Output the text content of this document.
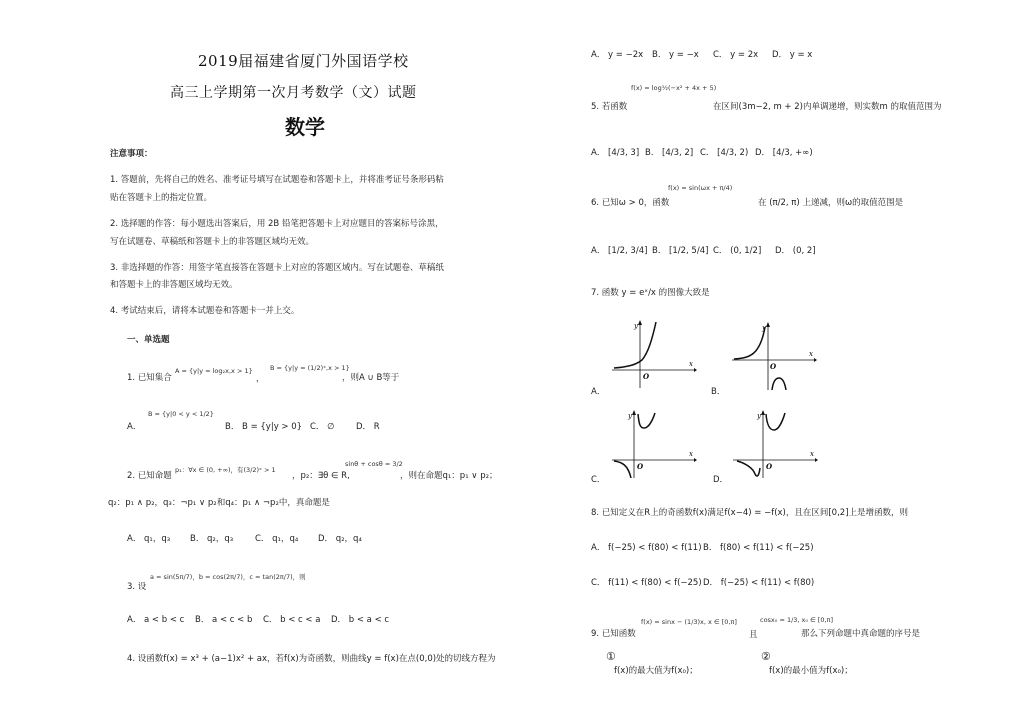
2019届福建省厦门外国语学校
高三上学期第一次月考数学（文）试题
数学
注意事项：
1. 答题前，先将自己的姓名、准考证号填写在试题卷和答题卡上，并将准考证号条形码粘
贴在答题卡上的指定位置。
2. 选择题的作答：每小题选出答案后，用 2B 铅笔把答题卡上对应题目的答案标号涂黑，
写在试题卷、草稿纸和答题卡上的非答题区域均无效。
3. 非选择题的作答：用签字笔直接答在答题卡上对应的答题区域内。写在试题卷、草稿纸
和答题卡上的非答题区域均无效。
4. 考试结束后，请将本试题卷和答题卡一并上交。
一、单选题
1. 已知集合
A = {y|y = log₂x,x > 1}
，
B = {y|y = (1/2)ˣ,x > 1}
，则A ∪ B等于
A．
B = {y|0 < y < 1/2}
B． B = {y|y > 0} C． ∅	D． R
2. 已知命题
p₁：∀x ∈ (0, +∞)，有(3/2)ˣ > 1
，p₂：∃θ ∈ R,
sinθ + cosθ = 3/2
，则在命题q₁：p₁ ∨ p₂；
q₂：p₁ ∧ p₂，q₃：¬p₁ ∨ p₂和q₄：p₁ ∧ ¬p₂中，真命题是
A． q₁，q₃ B． q₂，q₃	C． q₁，q₄ D． q₂，q₄
3. 设
a = sin(5π/7)，b = cos(2π/7)，c = tan(2π/7)，则
A． a < b < c B． a < c < b C． b < c < a D． b < a < c
4. 设函数f(x) = x³ + (a−1)x² + ax，若f(x)为奇函数，则曲线y = f(x)在点(0,0)处的切线方程为
A． y = −2x B． y = −x C． y = 2x D． y = x
f(x) = log½(−x² + 4x + 5)
5. 若函数	在区间(3m−2, m + 2)内单调递增，则实数m 的取值范围为
A． [4/3, 3] B． [4/3, 2] C． [4/3, 2) D． [4/3, +∞)
6. 已知ω > 0，函数
f(x) = sin(ωx + π/4)
在 (π/2, π) 上递减，则ω的取值范围是
A． [1/2, 3/4] B． [1/2, 5/4] C． (0, 1/2] D． (0, 2]
7. 函数 y = eˣ/x 的图像大致是
A．	B．
C．	D．
x
y
O
x
y
O
x
y
O
x
y
O
8. 已知定义在R上的奇函数f(x)满足f(x−4) = −f(x)，且在区间[0,2]上是增函数，则
A． f(−25) < f(80) < f(11) B． f(80) < f(11) < f(−25)
C． f(11) < f(80) < f(−25) D． f(−25) < f(11) < f(80)
9. 已知函数
f(x) = sinx − (1/3)x, x ∈ [0,π]
且
cosx₀ = 1/3, x₀ ∈ [0,π]
那么下列命题中真命题的序号是
①
f(x)的最大值为f(x₀)；
②
f(x)的最小值为f(x₀)；
